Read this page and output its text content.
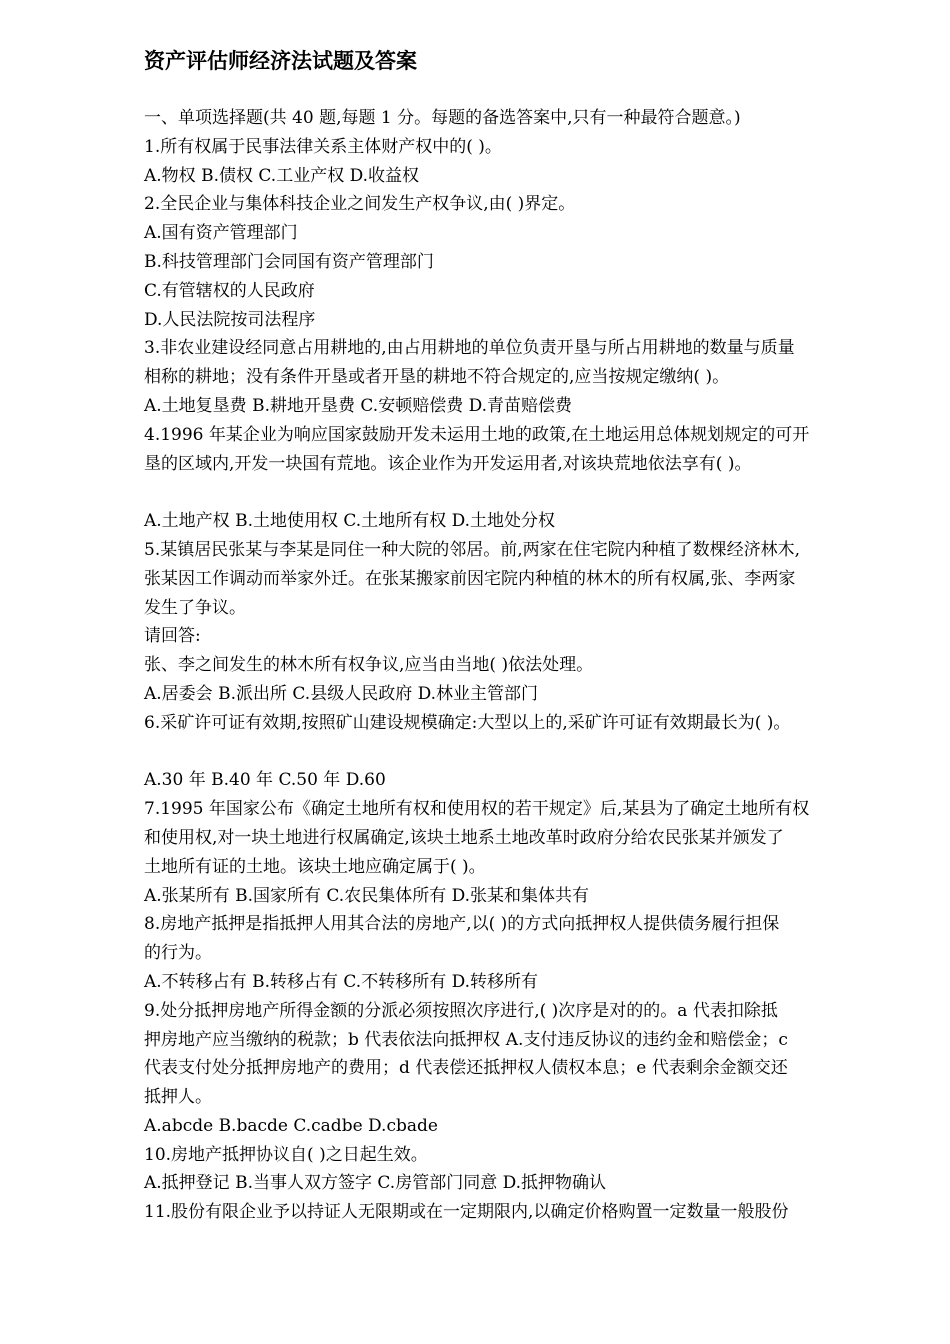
资产评估师经济法试题及答案
一、单项选择题(共 40 题,每题 1 分。每题的备选答案中,只有一种最符合题意。)
1.所有权属于民事法律关系主体财产权中的( )。
A.物权 B.债权 C.工业产权 D.收益权
2.全民企业与集体科技企业之间发生产权争议,由( )界定。
A.国有资产管理部门
B.科技管理部门会同国有资产管理部门
C.有管辖权的人民政府
D.人民法院按司法程序
3.非农业建设经同意占用耕地的,由占用耕地的单位负责开垦与所占用耕地的数量与质量
相称的耕地；没有条件开垦或者开垦的耕地不符合规定的,应当按规定缴纳( )。
A.土地复垦费 B.耕地开垦费 C.安顿赔偿费 D.青苗赔偿费
4.1996 年某企业为响应国家鼓励开发未运用土地的政策,在土地运用总体规划规定的可开
垦的区域内,开发一块国有荒地。该企业作为开发运用者,对该块荒地依法享有( )。
A.土地产权 B.土地使用权 C.土地所有权 D.土地处分权
5.某镇居民张某与李某是同住一种大院的邻居。前,两家在住宅院内种植了数棵经济林木,
张某因工作调动而举家外迁。在张某搬家前因宅院内种植的林木的所有权属,张、李两家
发生了争议。
请回答:
张、李之间发生的林木所有权争议,应当由当地( )依法处理。
A.居委会 B.派出所 C.县级人民政府 D.林业主管部门
6.采矿许可证有效期,按照矿山建设规模确定:大型以上的,采矿许可证有效期最长为( )。
A.30 年 B.40 年 C.50 年 D.60
7.1995 年国家公布《确定土地所有权和使用权的若干规定》后,某县为了确定土地所有权
和使用权,对一块土地进行权属确定,该块土地系土地改革时政府分给农民张某并颁发了
土地所有证的土地。该块土地应确定属于( )。
A.张某所有 B.国家所有 C.农民集体所有 D.张某和集体共有
8.房地产抵押是指抵押人用其合法的房地产,以( )的方式向抵押权人提供债务履行担保
的行为。
A.不转移占有 B.转移占有 C.不转移所有 D.转移所有
9.处分抵押房地产所得金额的分派必须按照次序进行,( )次序是对的的。a 代表扣除抵
押房地产应当缴纳的税款；b 代表依法向抵押权 A.支付违反协议的违约金和赔偿金；c
代表支付处分抵押房地产的费用；d 代表偿还抵押权人债权本息；e 代表剩余金额交还
抵押人。
A.abcde B.bacde C.cadbe D.cbade
10.房地产抵押协议自( )之日起生效。
A.抵押登记 B.当事人双方签字 C.房管部门同意 D.抵押物确认
11.股份有限企业予以持证人无限期或在一定期限内,以确定价格购置一定数量一般股份
